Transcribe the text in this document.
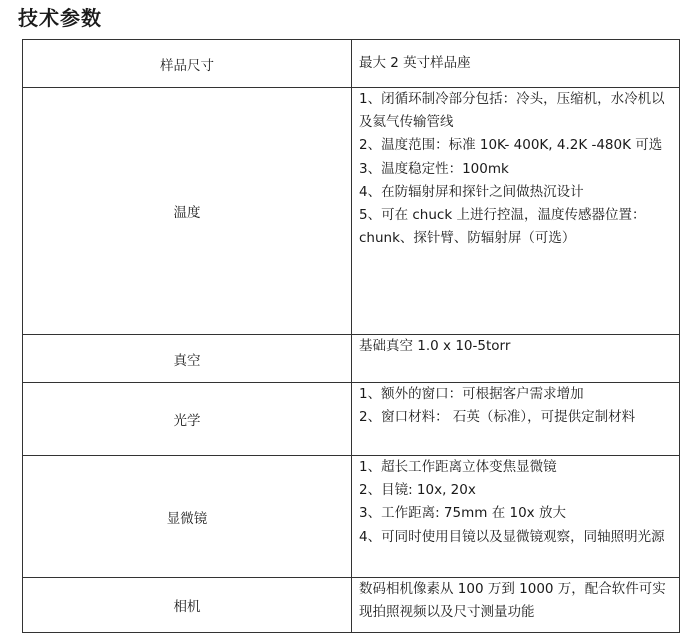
技术参数
样品尺寸	最大 2 英寸样品座

温度	1、闭循环制冷部分包括：冷头，压缩机，水冷机以及氦气传输管线
2、温度范围：标准 10K- 400K, 4.2K -480K 可选
3、温度稳定性：100mk
4、在防辐射屏和探针之间做热沉设计
5、可在 chuck 上进行控温，温度传感器位置：chunk、探针臂、防辐射屏（可选）

真空	基础真空 1.0 x 10-5torr

光学	1、额外的窗口：可根据客户需求增加
2、窗口材料： 石英（标准），可提供定制材料

显微镜	1、超长工作距离立体变焦显微镜
2、目镜: 10x, 20x
3、工作距离: 75mm 在 10x 放大
4、可同时使用目镜以及显微镜观察，同轴照明光源

相机	数码相机像素从 100 万到 1000 万，配合软件可实现拍照视频以及尺寸测量功能
